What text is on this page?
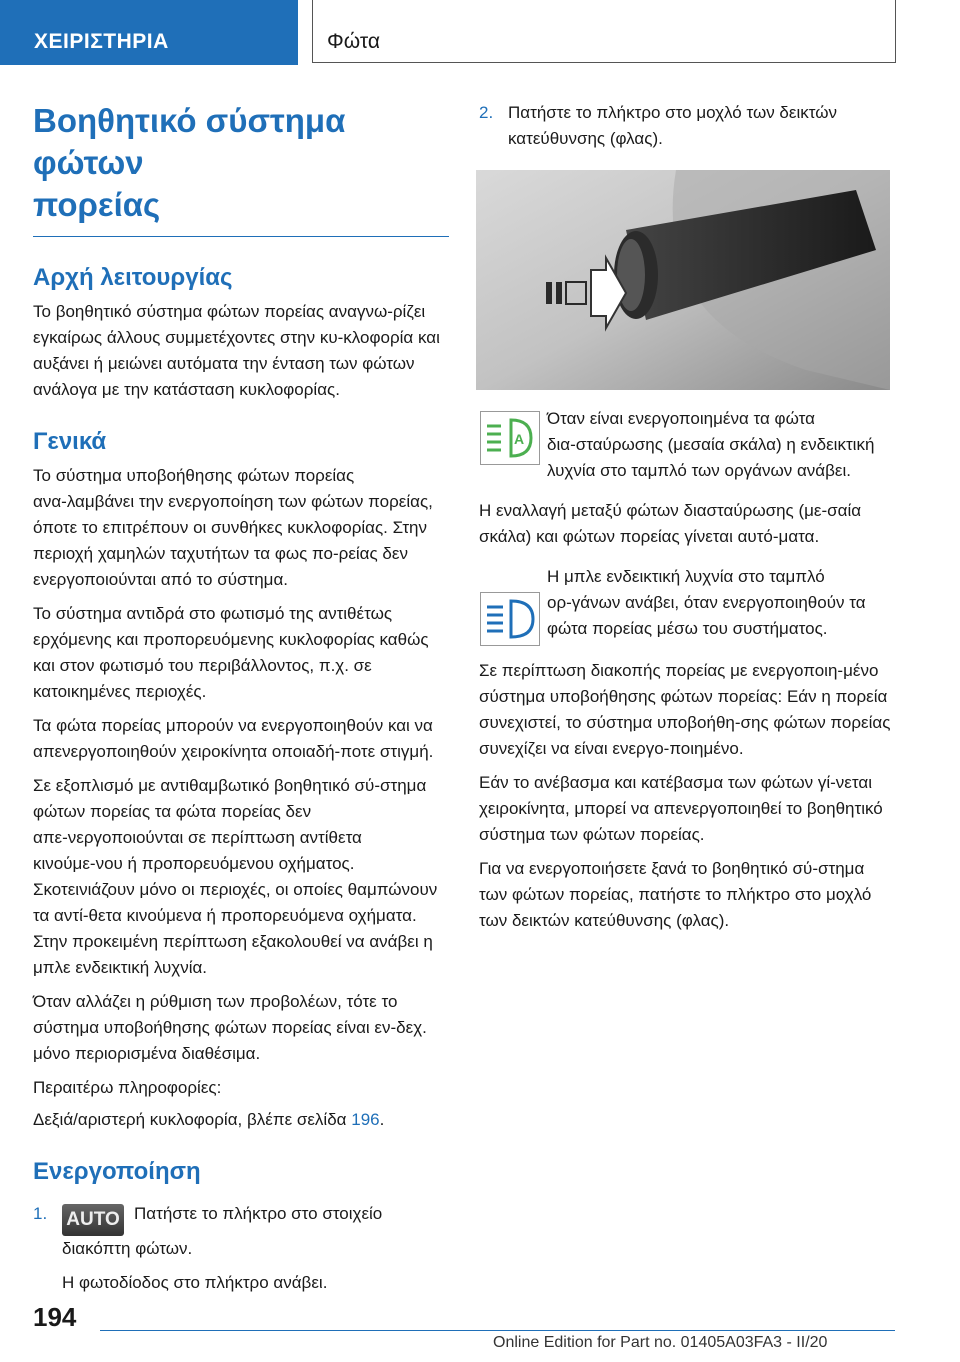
ΧΕΙΡΙΣΤΗΡΙΑ	Φώτα
Βοηθητικό σύστημα φώτων
πορείας
Αρχή λειτουργίας

Το βοηθητικό σύστημα φώτων πορείας αναγνω‑ρίζει εγκαίρως άλλους συμμετέχοντες στην κυ‑κλοφορία και αυξάνει ή μειώνει αυτόματα την ένταση των φώτων ανάλογα με την κατάσταση κυκλοφορίας.

Γενικά

Το σύστημα υποβοήθησης φώτων πορείας ανα‑λαμβάνει την ενεργοποίηση των φώτων πορείας, όποτε το επιτρέπουν οι συνθήκες κυκλοφορίας. Στην περιοχή χαμηλών ταχυτήτων τα φως πο‑ρείας δεν ενεργοποιούνται από το σύστημα.

Το σύστημα αντιδρά στο φωτισμό της αντιθέτως ερχόμενης και προπορευόμενης κυκλοφορίας καθώς και στον φωτισμό του περιβάλλοντος, π.χ. σε κατοικημένες περιοχές.

Τα φώτα πορείας μπορούν να ενεργοποιηθούν και να απενεργοποιηθούν χειροκίνητα οποιαδή‑ποτε στιγμή.

Σε εξοπλισμό με αντιθαμβωτικό βοηθητικό σύ‑στημα φώτων πορείας τα φώτα πορείας δεν απε‑νεργοποιούνται σε περίπτωση αντίθετα κινούμε‑νου ή προπορευόμενου οχήματος. Σκοτεινιάζουν μόνο οι περιοχές, οι οποίες θαμπώνουν τα αντί‑θετα κινούμενα ή προπορευόμενα οχήματα. Στην προκειμένη περίπτωση εξακολουθεί να ανάβει η μπλε ενδεικτική λυχνία.

Όταν αλλάζει η ρύθμιση των προβολέων, τότε το σύστημα υποβοήθησης φώτων πορείας είναι εν‑δεχ. μόνο περιορισμένα διαθέσιμα.

Περαιτέρω πληροφορίες:

Δεξιά/αριστερή κυκλοφορία, βλέπε σελίδα 196.

Ενεργοποίηση
1. AUTO Πατήστε το πλήκτρο στο στοιχείο διακόπτη φώτων.

Η φωτοδίοδος στο πλήκτρο ανάβει.

2. Πατήστε το πλήκτρο στο μοχλό των δεικτών κατεύθυνσης (φλας).

A

Όταν είναι ενεργοποιημένα τα φώτα δια‑σταύρωσης (μεσαία σκάλα) η ενδεικτική λυχνία στο ταμπλό των οργάνων ανάβει.

Η εναλλαγή μεταξύ φώτων διασταύρωσης (με‑σαία σκάλα) και φώτων πορείας γίνεται αυτό‑ματα.

Η μπλε ενδεικτική λυχνία στο ταμπλό ορ‑γάνων ανάβει, όταν ενεργοποιηθούν τα φώτα πορείας μέσω του συστήματος.

Σε περίπτωση διακοπής πορείας με ενεργοποιη‑μένο σύστημα υποβοήθησης φώτων πορείας: Εάν η πορεία συνεχιστεί, το σύστημα υποβοήθη‑σης φώτων πορείας συνεχίζει να είναι ενεργο‑ποιημένο.

Εάν το ανέβασμα και κατέβασμα των φώτων γί‑νεται χειροκίνητα, μπορεί να απενεργοποιηθεί το βοηθητικό σύστημα των φώτων πορείας.

Για να ενεργοποιήσετε ξανά το βοηθητικό σύ‑στημα των φώτων πορείας, πατήστε το πλήκτρο στο μοχλό των δεικτών κατεύθυνσης (φλας).

194
Online Edition for Part no. 01405A03FA3 - II/20
